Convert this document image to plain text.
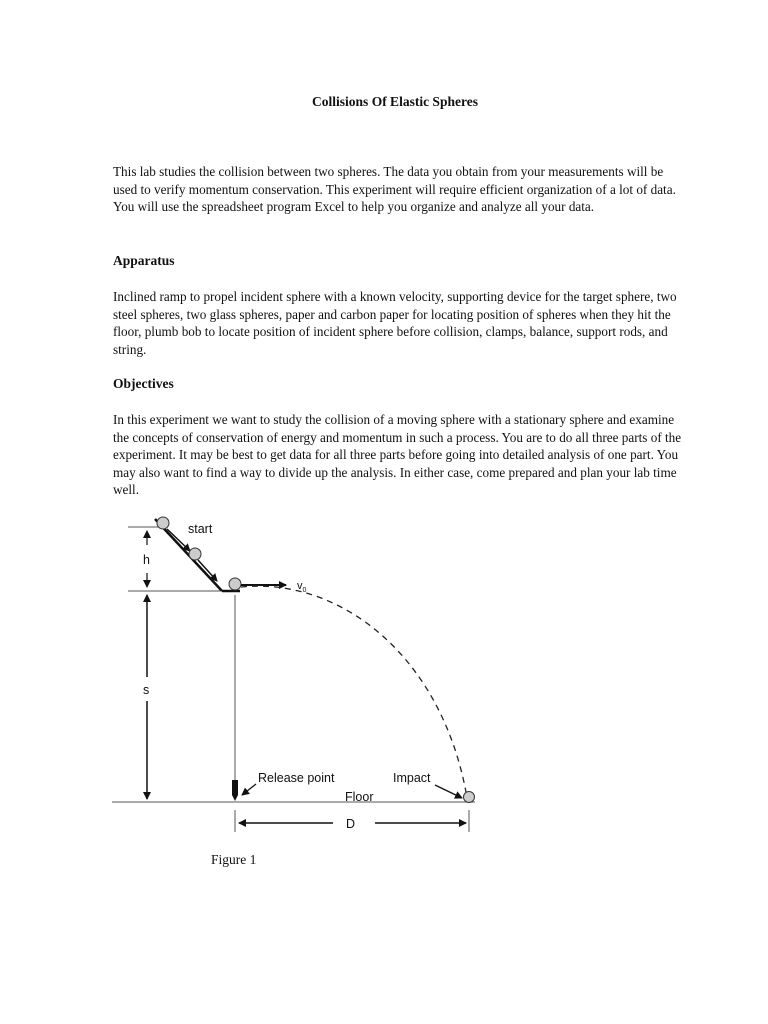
Collisions Of Elastic Spheres

This lab studies the collision between two spheres. The data you obtain from your measurements will be used to verify momentum conservation. This experiment will require efficient organization of a lot of data. You will use the spreadsheet program Excel to help you organize and analyze all your data.

Apparatus

Inclined ramp to propel incident sphere with a known velocity, supporting device for the target sphere, two steel spheres, two glass spheres, paper and carbon paper for locating position of spheres when they hit the floor, plumb bob to locate position of incident sphere before collision, clamps, balance, support rods, and string.

Objectives

In this experiment we want to study the collision of a moving sphere with a stationary sphere and examine the concepts of conservation of energy and momentum in such a process. You are to do all three parts of the experiment. It may be best to get data for all three parts before going into detailed analysis of one part. You may also want to find a way to divide up the analysis. In either case, come prepared and plan your lab time well.

start
h
$v_0$
s
Release point	Impact
Floor
D
Figure 1
